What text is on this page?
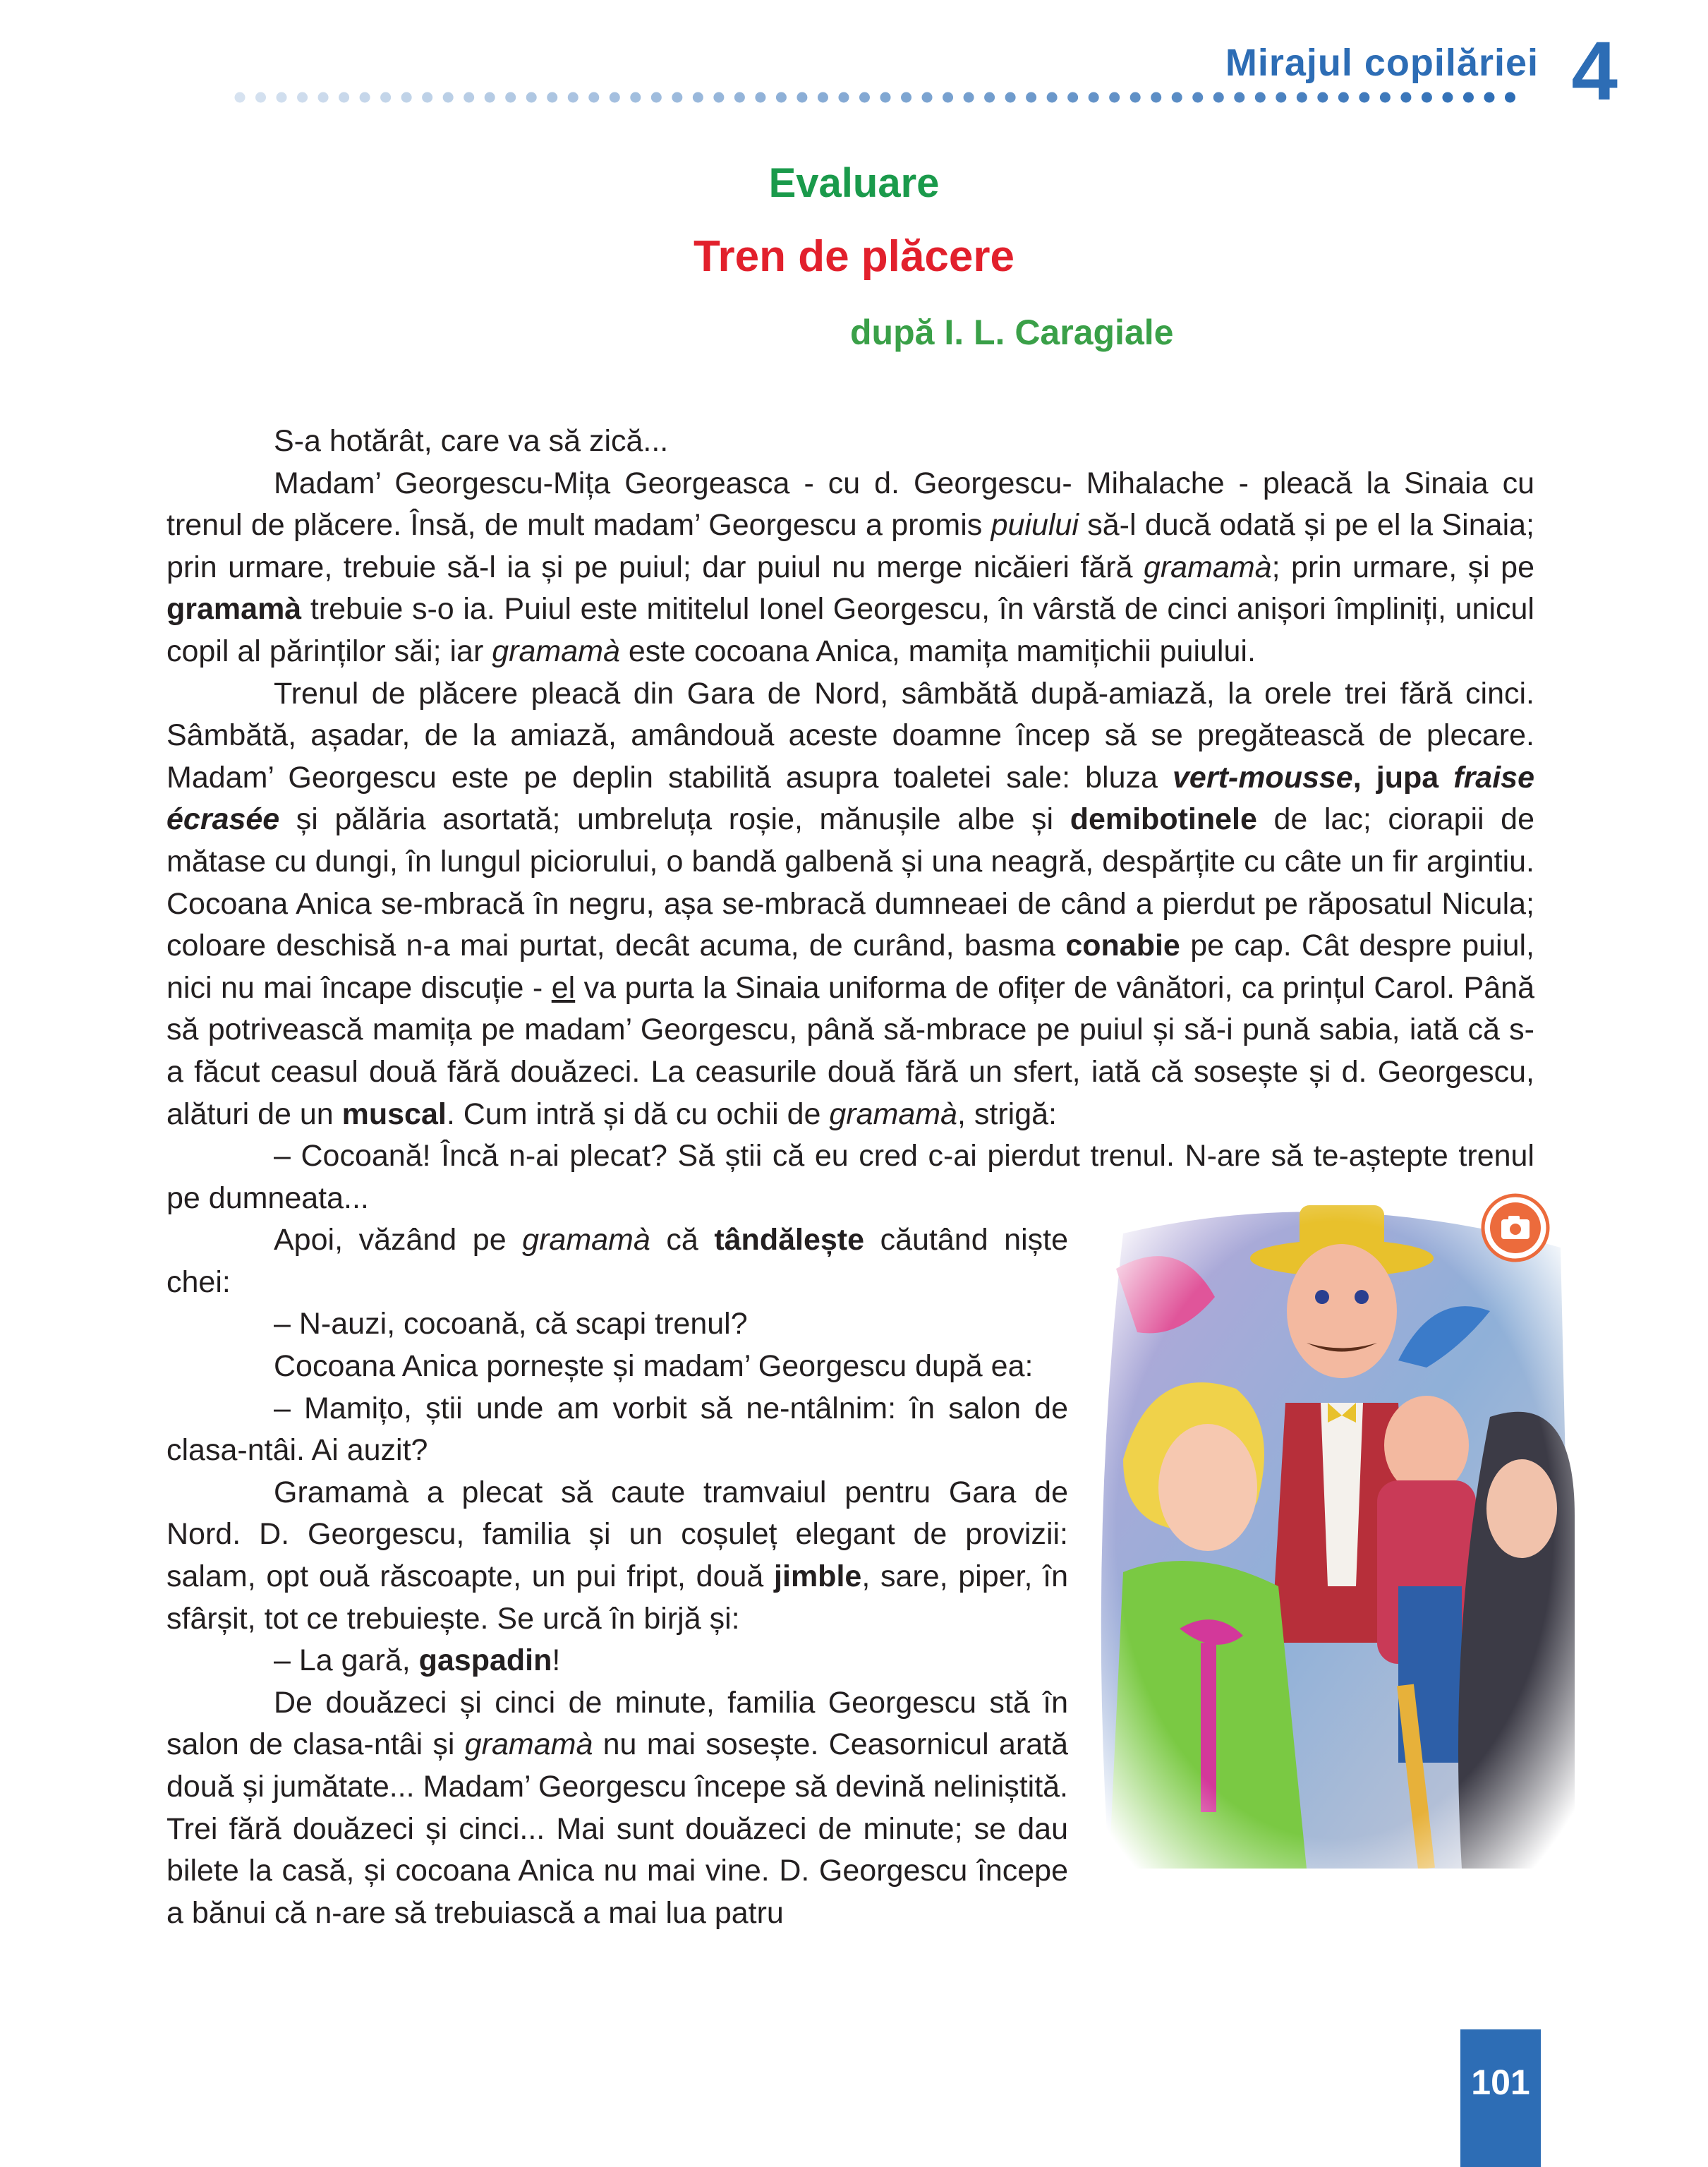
Mirajul copilăriei 4
Evaluare
Tren de plăcere
după I. L. Caragiale

S-a hotărât, care va să zică...

Madam’ Georgescu-Mița Georgeasca - cu d. Georgescu- Mihalache - pleacă la Sinaia cu trenul de plăcere. Însă, de mult madam’ Georgescu a promis puiului să-l ducă odată și pe el la Sinaia; prin urmare, trebuie să-l ia și pe puiul; dar puiul nu merge nicăieri fără gramamà; prin urmare, și pe gramamà trebuie s-o ia. Puiul este mititelul Ionel Georgescu, în vârstă de cinci anișori împliniți, unicul copil al părinților săi; iar gramamà este cocoana Anica, mamița mamițichii puiului.

Trenul de plăcere pleacă din Gara de Nord, sâmbătă după-amiază, la orele trei fără cinci. Sâmbătă, așadar, de la amiază, amândouă aceste doamne încep să se pregătească de plecare. Madam’ Georgescu este pe deplin stabilită asupra toaletei sale: bluza vert-mousse, jupa fraise écrasée și pălăria asortată; umbreluța roșie, mănușile albe și demibotinele de lac; ciorapii de mătase cu dungi, în lungul piciorului, o bandă galbenă și una neagră, despărțite cu câte un fir argintiu. Cocoana Anica se-mbracă în negru, așa se-mbracă dumneaei de când a pierdut pe răposatul Nicula; coloare deschisă n-a mai purtat, decât acuma, de curând, basma conabie pe cap. Cât despre puiul, nici nu mai încape discuție - el va purta la Sinaia uniforma de ofițer de vânători, ca prințul Carol. Până să potrivească mamița pe madam’ Georgescu, până să-mbrace pe puiul și să-i pună sabia, iată că s-a făcut ceasul două fără douăzeci. La ceasurile două fără un sfert, iată că sosește și d. Georgescu, alături de un muscal. Cum intră și dă cu ochii de gramamà, strigă:

– Cocoană! Încă n-ai plecat? Să știi că eu cred c-ai pierdut trenul. N-are să te-aștepte trenul pe dumneata...

Apoi, văzând pe gramamà că tândălește căutând niște chei:

– N-auzi, cocoană, că scapi trenul?

Cocoana Anica pornește și madam’ Georgescu după ea:

– Mamițo, știi unde am vorbit să ne-ntâlnim: în salon de clasa-ntâi. Ai auzit?

Gramamà a plecat să caute tramvaiul pentru Gara de Nord. D. Georgescu, familia și un coșuleț elegant de provizii: salam, opt ouă răscoapte, un pui fript, două jimble, sare, piper, în sfârșit, tot ce trebuiește. Se urcă în birjă și:

– La gară, gaspadin!

De douăzeci și cinci de minute, familia Georgescu stă în salon de clasa-ntâi și gramamà nu mai sosește. Ceasornicul arată două și jumătate... Madam’ Georgescu începe să devină neliniștită. Trei fără douăzeci și cinci... Mai sunt douăzeci de minute; se dau bilete la casă, și cocoana Anica nu mai vine. D. Georgescu începe a bănui că n-are să trebuiască a mai lua patru

101
